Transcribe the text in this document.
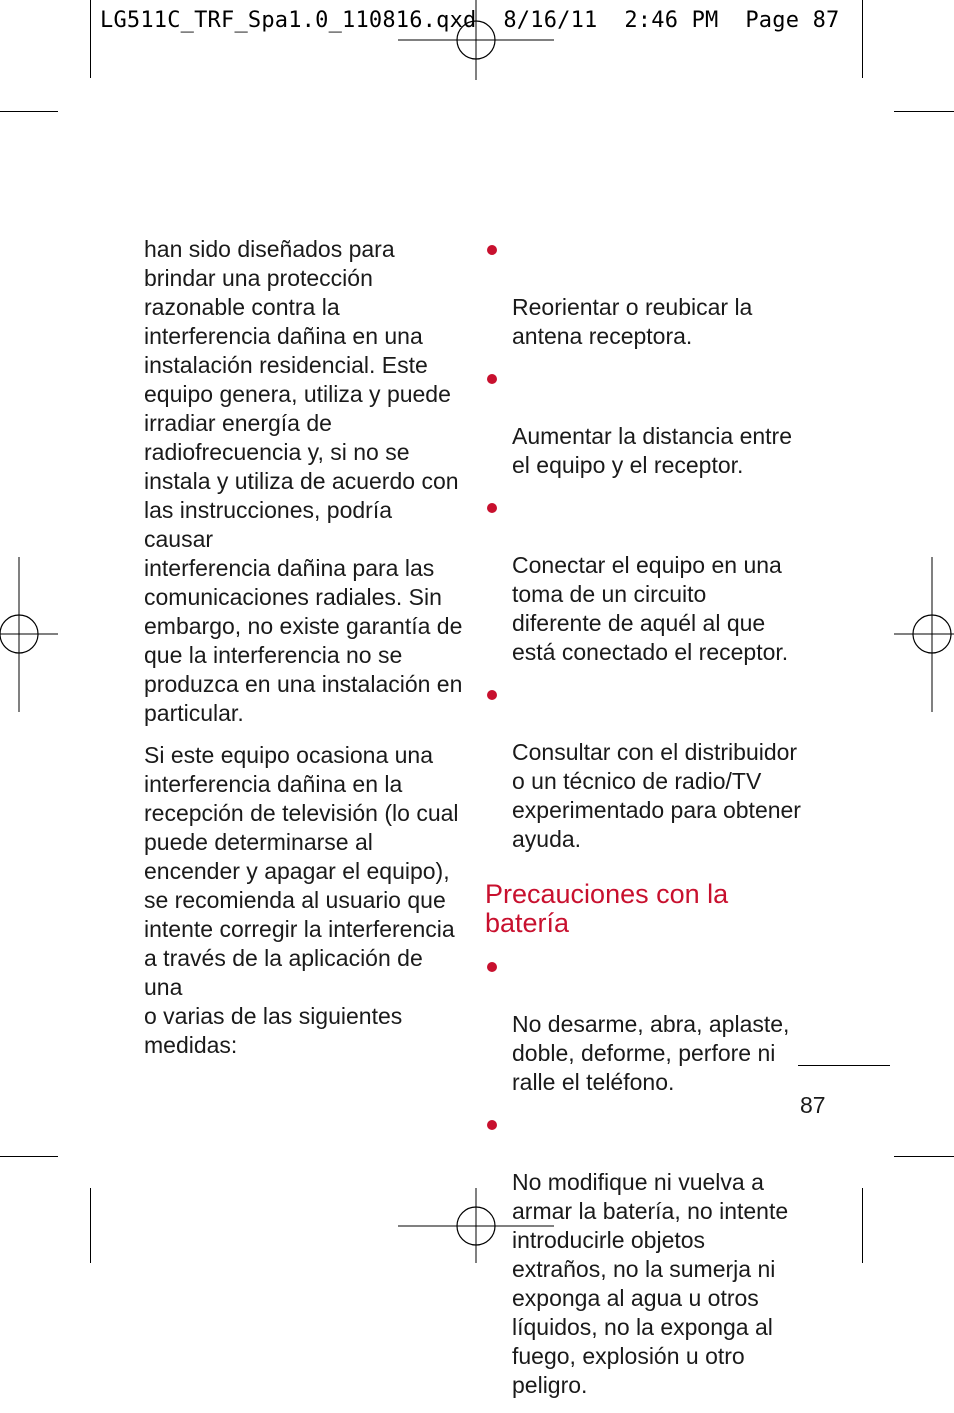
LG511C_TRF_Spa1.0_110816.qxd  8/16/11  2:46 PM  Page 87

han sido diseñados para
brindar una protección
razonable contra la
interferencia dañina en una
instalación residencial. Este
equipo genera, utiliza y puede
irradiar energía de
radiofrecuencia y, si no se
instala y utiliza de acuerdo con
las instrucciones, podría causar
interferencia dañina para las
comunicaciones radiales. Sin
embargo, no existe garantía de
que la interferencia no se
produzca en una instalación en
particular.

Si este equipo ocasiona una
interferencia dañina en la
recepción de televisión (lo cual
puede determinarse al
encender y apagar el equipo),
se recomienda al usuario que
intente corregir la interferencia
a través de la aplicación de una
o varias de las siguientes
medidas:

Reorientar o reubicar la
antena receptora.

Aumentar la distancia entre
el equipo y el receptor.

Conectar el equipo en una
toma de un circuito
diferente de aquél al que
está conectado el receptor.

Consultar con el distribuidor
o un técnico de radio/TV
experimentado para obtener
ayuda.

Precauciones con la
batería

No desarme, abra, aplaste,
doble, deforme, perfore ni
ralle el teléfono.

No modifique ni vuelva a
armar la batería, no intente
introducirle objetos
extraños, no la sumerja ni
exponga al agua u otros
líquidos, no la exponga al
fuego, explosión u otro
peligro.

87
